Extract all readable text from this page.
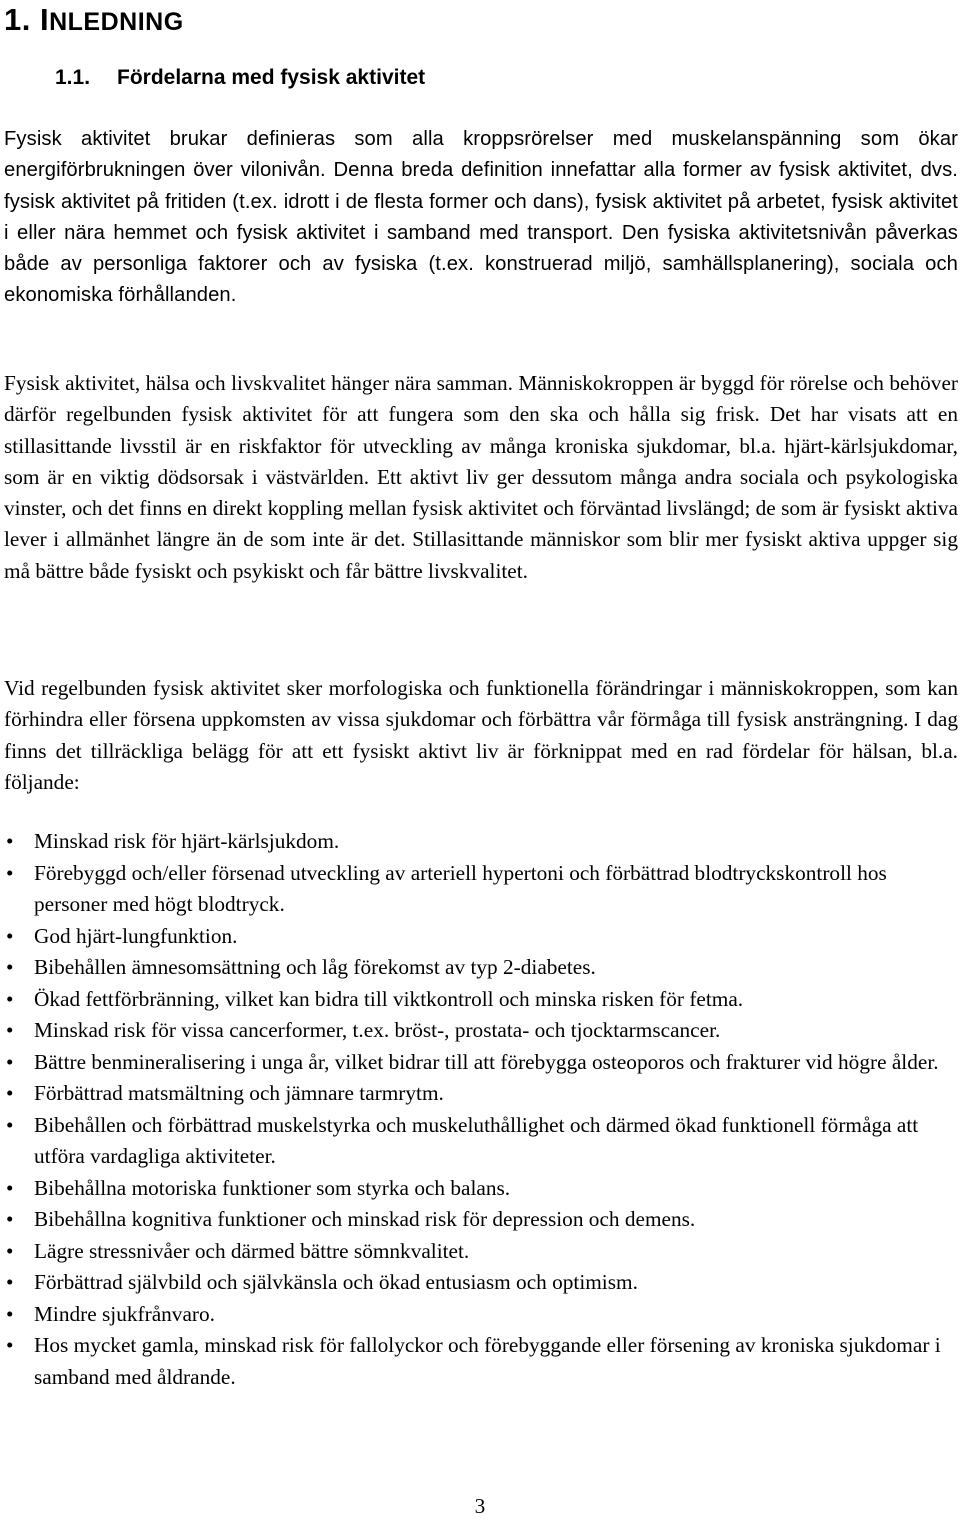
1. INLEDNING
1.1. Fördelarna med fysisk aktivitet

Fysisk aktivitet brukar definieras som alla kroppsrörelser med muskelanspänning som ökar energiförbrukningen över vilonivån. Denna breda definition innefattar alla former av fysisk aktivitet, dvs. fysisk aktivitet på fritiden (t.ex. idrott i de flesta former och dans), fysisk aktivitet på arbetet, fysisk aktivitet i eller nära hemmet och fysisk aktivitet i samband med transport. Den fysiska aktivitetsnivån påverkas både av personliga faktorer och av fysiska (t.ex. konstruerad miljö, samhällsplanering), sociala och ekonomiska förhållanden.

Fysisk aktivitet, hälsa och livskvalitet hänger nära samman. Människokroppen är byggd för rörelse och behöver därför regelbunden fysisk aktivitet för att fungera som den ska och hålla sig frisk. Det har visats att en stillasittande livsstil är en riskfaktor för utveckling av många kroniska sjukdomar, bl.a. hjärt-kärlsjukdomar, som är en viktig dödsorsak i västvärlden. Ett aktivt liv ger dessutom många andra sociala och psykologiska vinster, och det finns en direkt koppling mellan fysisk aktivitet och förväntad livslängd; de som är fysiskt aktiva lever i allmänhet längre än de som inte är det. Stillasittande människor som blir mer fysiskt aktiva uppger sig må bättre både fysiskt och psykiskt och får bättre livskvalitet.

Vid regelbunden fysisk aktivitet sker morfologiska och funktionella förändringar i människokroppen, som kan förhindra eller försena uppkomsten av vissa sjukdomar och förbättra vår förmåga till fysisk ansträngning. I dag finns det tillräckliga belägg för att ett fysiskt aktivt liv är förknippat med en rad fördelar för hälsan, bl.a. följande:

• Minskad risk för hjärt-kärlsjukdom.
• Förebyggd och/eller försenad utveckling av arteriell hypertoni och förbättrad blodtryckskontroll hos personer med högt blodtryck.
• God hjärt-lungfunktion.
• Bibehållen ämnesomsättning och låg förekomst av typ 2-diabetes.
• Ökad fettförbränning, vilket kan bidra till viktkontroll och minska risken för fetma.
• Minskad risk för vissa cancerformer, t.ex. bröst-, prostata- och tjocktarmscancer.
• Bättre benmineralisering i unga år, vilket bidrar till att förebygga osteoporos och frakturer vid högre ålder.
• Förbättrad matsmältning och jämnare tarmrytm.
• Bibehållen och förbättrad muskelstyrka och muskeluthållighet och därmed ökad funktionell förmåga att utföra vardagliga aktiviteter.
• Bibehållna motoriska funktioner som styrka och balans.
• Bibehållna kognitiva funktioner och minskad risk för depression och demens.
• Lägre stressnivåer och därmed bättre sömnkvalitet.
• Förbättrad självbild och självkänsla och ökad entusiasm och optimism.
• Mindre sjukfrånvaro.
• Hos mycket gamla, minskad risk för fallolyckor och förebyggande eller försening av kroniska sjukdomar i samband med åldrande.
3
